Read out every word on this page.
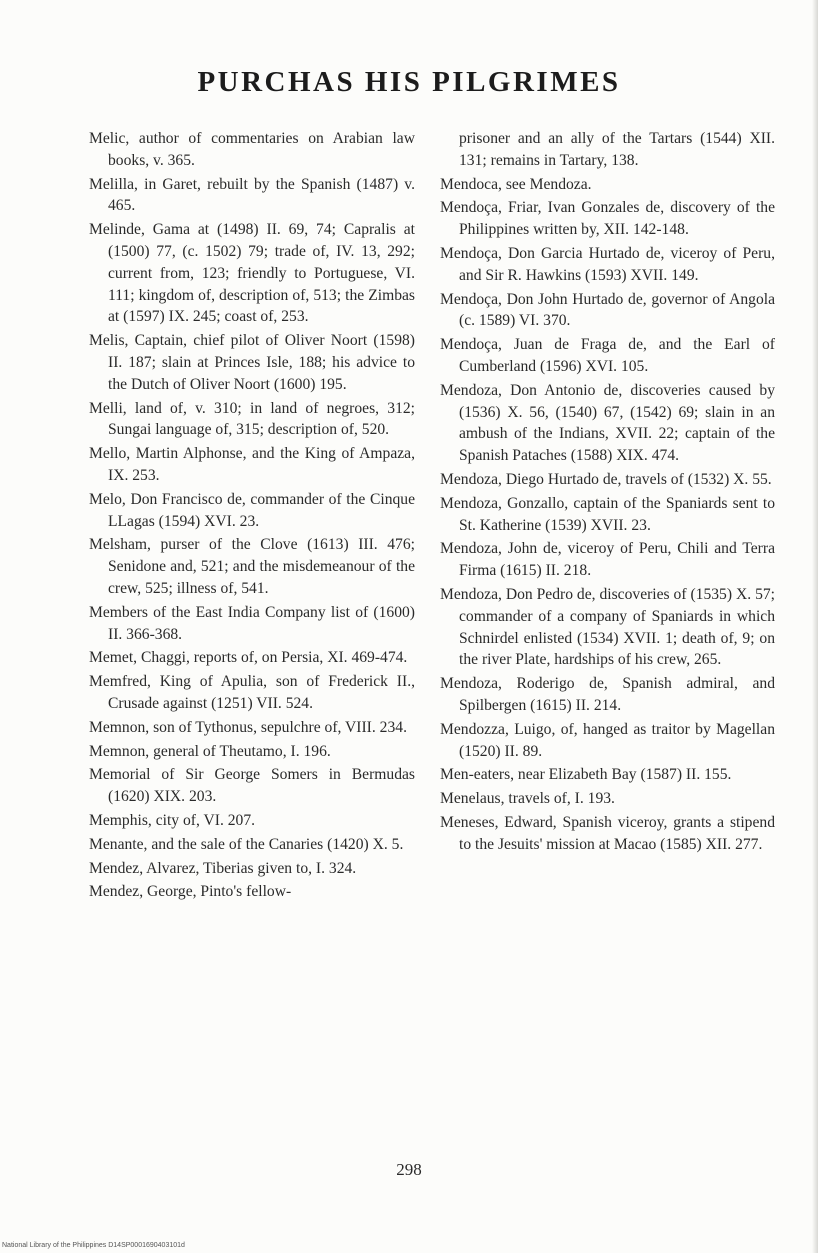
PURCHAS HIS PILGRIMES

Melic, author of commentaries on Arabian law books, v. 365.

Melilla, in Garet, rebuilt by the Spanish (1487) v. 465.

Melinde, Gama at (1498) II. 69, 74; Capralis at (1500) 77, (c. 1502) 79; trade of, IV. 13, 292; current from, 123; friendly to Portuguese, VI. 111; kingdom of, description of, 513; the Zimbas at (1597) IX. 245; coast of, 253.

Melis, Captain, chief pilot of Oliver Noort (1598) II. 187; slain at Princes Isle, 188; his advice to the Dutch of Oliver Noort (1600) 195.

Melli, land of, v. 310; in land of negroes, 312; Sungai language of, 315; description of, 520.

Mello, Martin Alphonse, and the King of Ampaza, IX. 253.

Melo, Don Francisco de, commander of the Cinque LLagas (1594) XVI. 23.

Melsham, purser of the Clove (1613) III. 476; Senidone and, 521; and the misdemeanour of the crew, 525; illness of, 541.

Members of the East India Company list of (1600) II. 366-368.

Memet, Chaggi, reports of, on Persia, XI. 469-474.

Memfred, King of Apulia, son of Frederick II., Crusade against (1251) VII. 524.

Memnon, son of Tythonus, sepulchre of, VIII. 234.

Memnon, general of Theutamo, I. 196.

Memorial of Sir George Somers in Bermudas (1620) XIX. 203.

Memphis, city of, VI. 207.

Menante, and the sale of the Canaries (1420) X. 5.

Mendez, Alvarez, Tiberias given to, I. 324.

Mendez, George, Pinto's fellow-

prisoner and an ally of the Tartars (1544) XII. 131; remains in Tartary, 138.

Mendoca, see Mendoza.

Mendoça, Friar, Ivan Gonzales de, discovery of the Philippines written by, XII. 142-148.

Mendoça, Don Garcia Hurtado de, viceroy of Peru, and Sir R. Hawkins (1593) XVII. 149.

Mendoça, Don John Hurtado de, governor of Angola (c. 1589) VI. 370.

Mendoça, Juan de Fraga de, and the Earl of Cumberland (1596) XVI. 105.

Mendoza, Don Antonio de, discoveries caused by (1536) X. 56, (1540) 67, (1542) 69; slain in an ambush of the Indians, XVII. 22; captain of the Spanish Pataches (1588) XIX. 474.

Mendoza, Diego Hurtado de, travels of (1532) X. 55.

Mendoza, Gonzallo, captain of the Spaniards sent to St. Katherine (1539) XVII. 23.

Mendoza, John de, viceroy of Peru, Chili and Terra Firma (1615) II. 218.

Mendoza, Don Pedro de, discoveries of (1535) X. 57; commander of a company of Spaniards in which Schnirdel enlisted (1534) XVII. 1; death of, 9; on the river Plate, hardships of his crew, 265.

Mendoza, Roderigo de, Spanish admiral, and Spilbergen (1615) II. 214.

Mendozza, Luigo, of, hanged as traitor by Magellan (1520) II. 89.

Men-eaters, near Elizabeth Bay (1587) II. 155.

Menelaus, travels of, I. 193.

Meneses, Edward, Spanish viceroy, grants a stipend to the Jesuits' mission at Macao (1585) XII. 277.

298
National Library of the Philippines D14SP0001690403101d
